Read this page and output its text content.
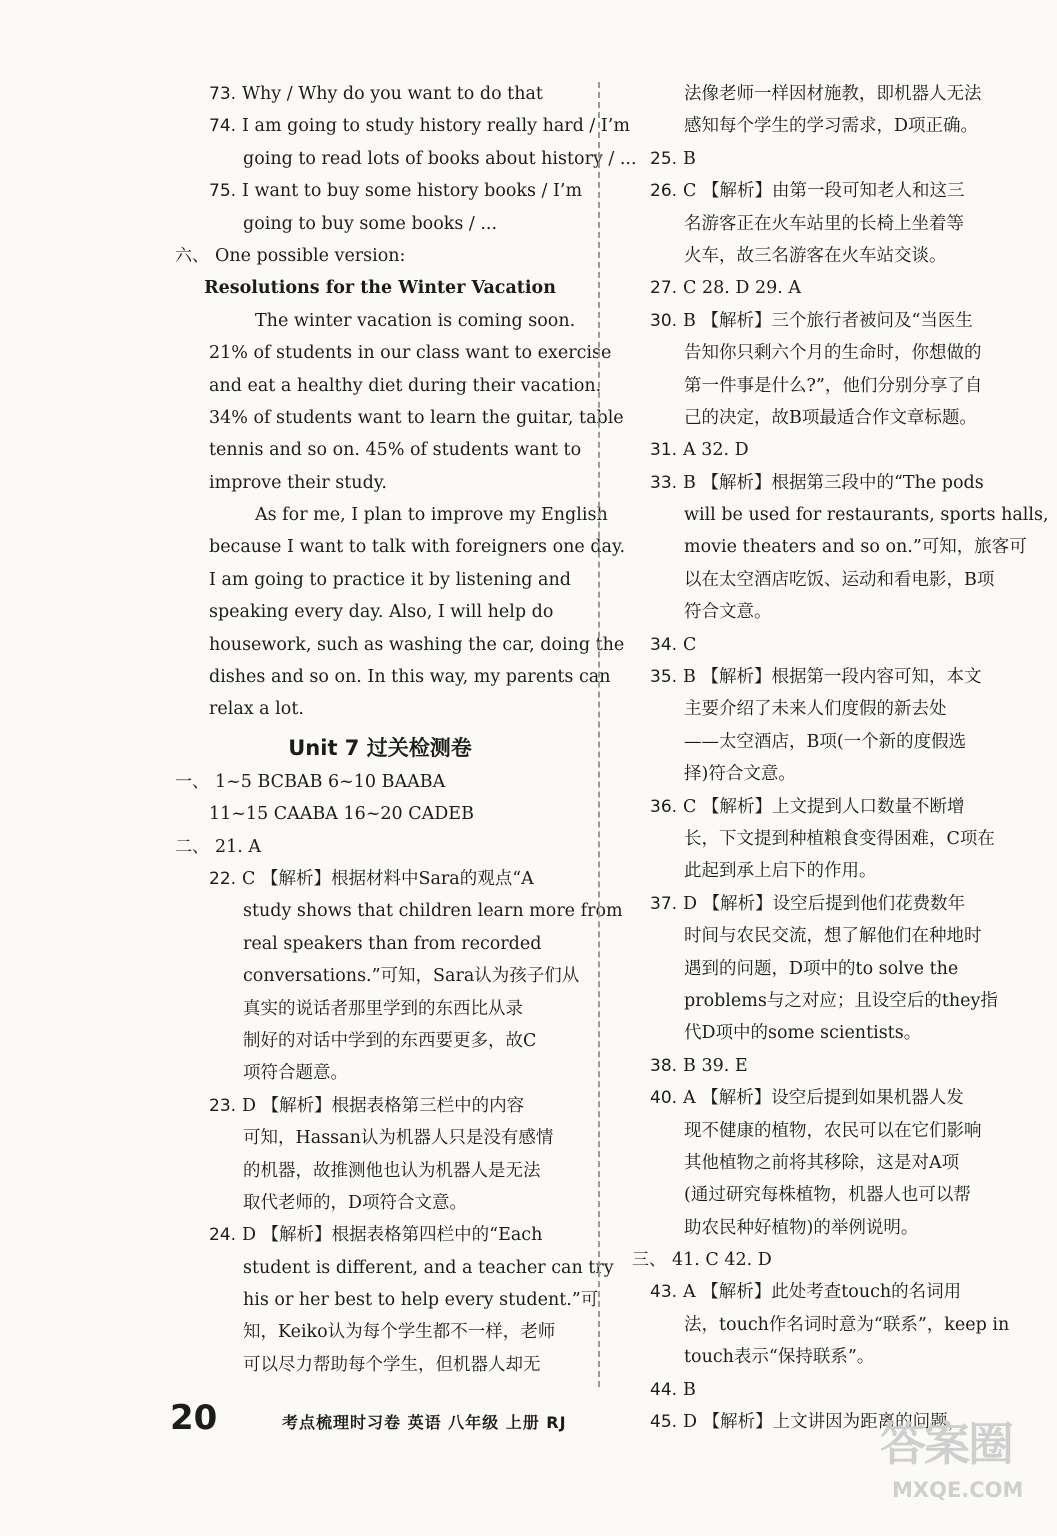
73. Why / Why do you want to do that
74. I am going to study history really hard / I’m
going to read lots of books about history / ...
75. I want to buy some history books / I’m
going to buy some books / ...
六、 One possible version:
Resolutions for the Winter Vacation
The winter vacation is coming soon.
21% of students in our class want to exercise
and eat a healthy diet during their vacation.
34% of students want to learn the guitar, table
tennis and so on. 45% of students want to
improve their study.
As for me, I plan to improve my English
because I want to talk with foreigners one day.
I am going to practice it by listening and
speaking every day. Also, I will help do
housework, such as washing the car, doing the
dishes and so on. In this way, my parents can
relax a lot.
Unit 7 过关检测卷
一、 1~5 BCBAB 6~10 BAABA
11~15 CAABA 16~20 CADEB
二、 21. A
22. C 【解析】根据材料中Sara的观点“A
study shows that children learn more from
real speakers than from recorded
conversations.”可知，Sara认为孩子们从
真实的说话者那里学到的东西比从录
制好的对话中学到的东西要更多，故C
项符合题意。
23. D 【解析】根据表格第三栏中的内容
可知，Hassan认为机器人只是没有感情
的机器，故推测他也认为机器人是无法
取代老师的，D项符合文意。
24. D 【解析】根据表格第四栏中的“Each
student is different, and a teacher can try
his or her best to help every student.”可
知，Keiko认为每个学生都不一样，老师
可以尽力帮助每个学生，但机器人却无
法像老师一样因材施教，即机器人无法
感知每个学生的学习需求，D项正确。
25. B
26. C 【解析】由第一段可知老人和这三
名游客正在火车站里的长椅上坐着等
火车，故三名游客在火车站交谈。
27. C 28. D 29. A
30. B 【解析】三个旅行者被问及“当医生
告知你只剩六个月的生命时，你想做的
第一件事是什么?”，他们分别分享了自
己的决定，故B项最适合作文章标题。
31. A 32. D
33. B 【解析】根据第三段中的“The pods
will be used for restaurants, sports halls,
movie theaters and so on.”可知，旅客可
以在太空酒店吃饭、运动和看电影，B项
符合文意。
34. C
35. B 【解析】根据第一段内容可知，本文
主要介绍了未来人们度假的新去处
——太空酒店，B项(一个新的度假选
择)符合文意。
36. C 【解析】上文提到人口数量不断增
长，下文提到种植粮食变得困难，C项在
此起到承上启下的作用。
37. D 【解析】设空后提到他们花费数年
时间与农民交流，想了解他们在种地时
遇到的问题，D项中的to solve the
problems与之对应；且设空后的they指
代D项中的some scientists。
38. B 39. E
40. A 【解析】设空后提到如果机器人发
现不健康的植物，农民可以在它们影响
其他植物之前将其移除，这是对A项
(通过研究每株植物，机器人也可以帮
助农民种好植物)的举例说明。
三、 41. C 42. D
43. A 【解析】此处考查touch的名词用
法，touch作名词时意为“联系”，keep in
touch表示“保持联系”。
44. B
45. D 【解析】上文讲因为距离的问题，
20	考点梳理时习卷 英语 八年级 上册 RJ	答案圈
MXQE.COM
